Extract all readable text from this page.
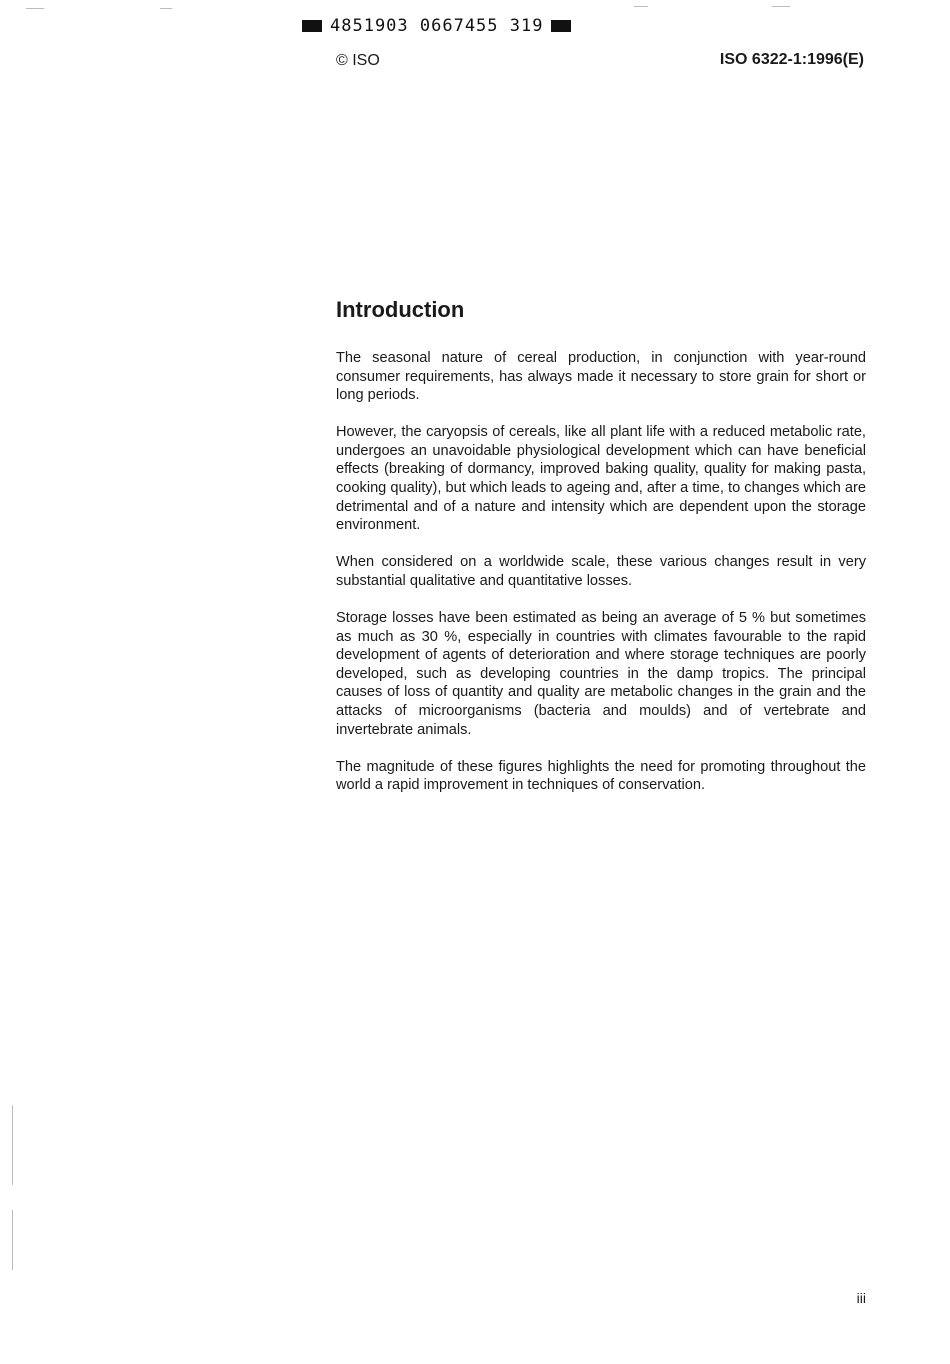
4851903 0667455 319
© ISO	ISO 6322-1:1996(E)
Introduction

The seasonal nature of cereal production, in conjunction with year-round consumer requirements, has always made it necessary to store grain for short or long periods.

However, the caryopsis of cereals, like all plant life with a reduced metabolic rate, undergoes an unavoidable physiological development which can have beneficial effects (breaking of dormancy, improved baking quality, quality for making pasta, cooking quality), but which leads to ageing and, after a time, to changes which are detrimental and of a nature and intensity which are dependent upon the storage environment.

When considered on a worldwide scale, these various changes result in very substantial qualitative and quantitative losses.

Storage losses have been estimated as being an average of 5 % but sometimes as much as 30 %, especially in countries with climates favourable to the rapid development of agents of deterioration and where storage techniques are poorly developed, such as developing countries in the damp tropics. The principal causes of loss of quantity and quality are metabolic changes in the grain and the attacks of microorganisms (bacteria and moulds) and of vertebrate and invertebrate animals.

The magnitude of these figures highlights the need for promoting throughout the world a rapid improvement in techniques of conservation.

iii
